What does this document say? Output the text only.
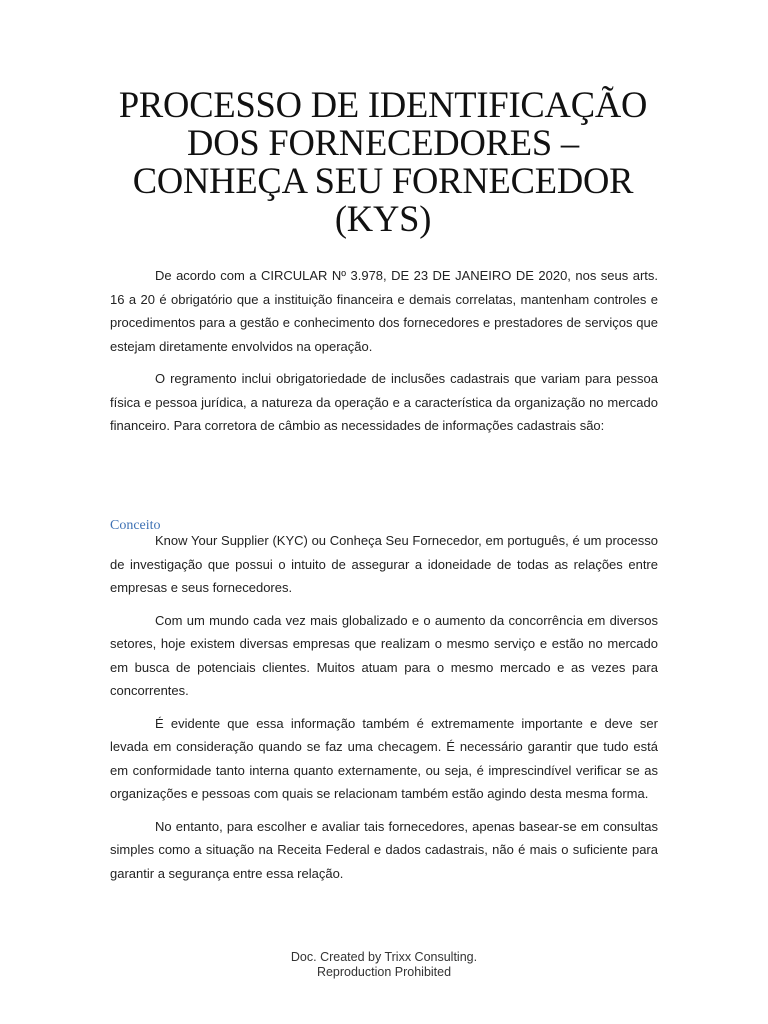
PROCESSO DE IDENTIFICAÇÃO
DOS FORNECEDORES –
CONHEÇA SEU FORNECEDOR
(KYS)

De acordo com a CIRCULAR Nº 3.978, DE 23 DE JANEIRO DE 2020, nos seus arts. 16 a 20 é obrigatório que a instituição financeira e demais correlatas, mantenham controles e procedimentos para a gestão e conhecimento dos fornecedores e prestadores de serviços que estejam diretamente envolvidos na operação.

O regramento inclui obrigatoriedade de inclusões cadastrais que variam para pessoa física e pessoa jurídica, a natureza da operação e a característica da organização no mercado financeiro. Para corretora de câmbio as necessidades de informações cadastrais são:

Conceito

Know Your Supplier (KYC) ou Conheça Seu Fornecedor, em português, é um processo de investigação que possui o intuito de assegurar a idoneidade de todas as relações entre empresas e seus fornecedores.

Com um mundo cada vez mais globalizado e o aumento da concorrência em diversos setores, hoje existem diversas empresas que realizam o mesmo serviço e estão no mercado em busca de potenciais clientes. Muitos atuam para o mesmo mercado e as vezes para concorrentes.

É evidente que essa informação também é extremamente importante e deve ser levada em consideração quando se faz uma checagem. É necessário garantir que tudo está em conformidade tanto interna quanto externamente, ou seja, é imprescindível verificar se as organizações e pessoas com quais se relacionam também estão agindo desta mesma forma.

No entanto, para escolher e avaliar tais fornecedores, apenas basear-se em consultas simples como a situação na Receita Federal e dados cadastrais, não é mais o suficiente para garantir a segurança entre essa relação.

Doc. Created by Trixx Consulting.
Reproduction Prohibited
